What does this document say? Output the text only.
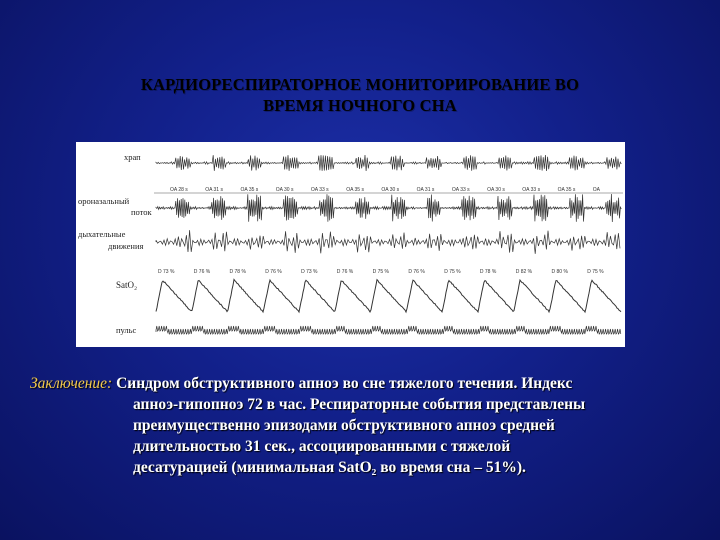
КАРДИОРЕСПИРАТОРНОЕ МОНИТОРИРОВАНИЕ ВО
ВРЕМЯ НОЧНОГО СНА
храп
ороназальный
поток
дыхательные
движения
SatO₂
пульс
OA 28 s	OA 31 s	OA 35 s	OA 30 s	OA 33 s	OA 35 s	OA 30 s	OA 31 s	OA 33 s	OA 30 s	OA 33 s	OA 35 s	OA
D 73 %	D 76 %	D 78 %	D 76 %	D 73 %	D 76 %	D 75 %	D 76 %	D 75 %	D 78 %	D 82 %	D 80 %	D 75 %
Заключение: Синдром обструктивного апноэ во сне тяжелого течения. Индекс
апноэ-гипопноэ 72 в час. Респираторные события представлены
преимущественно эпизодами обструктивного апноэ средней
длительностью 31 сек., ассоциированными с тяжелой
десатурацией (минимальная SatO₂ во время сна – 51%).
